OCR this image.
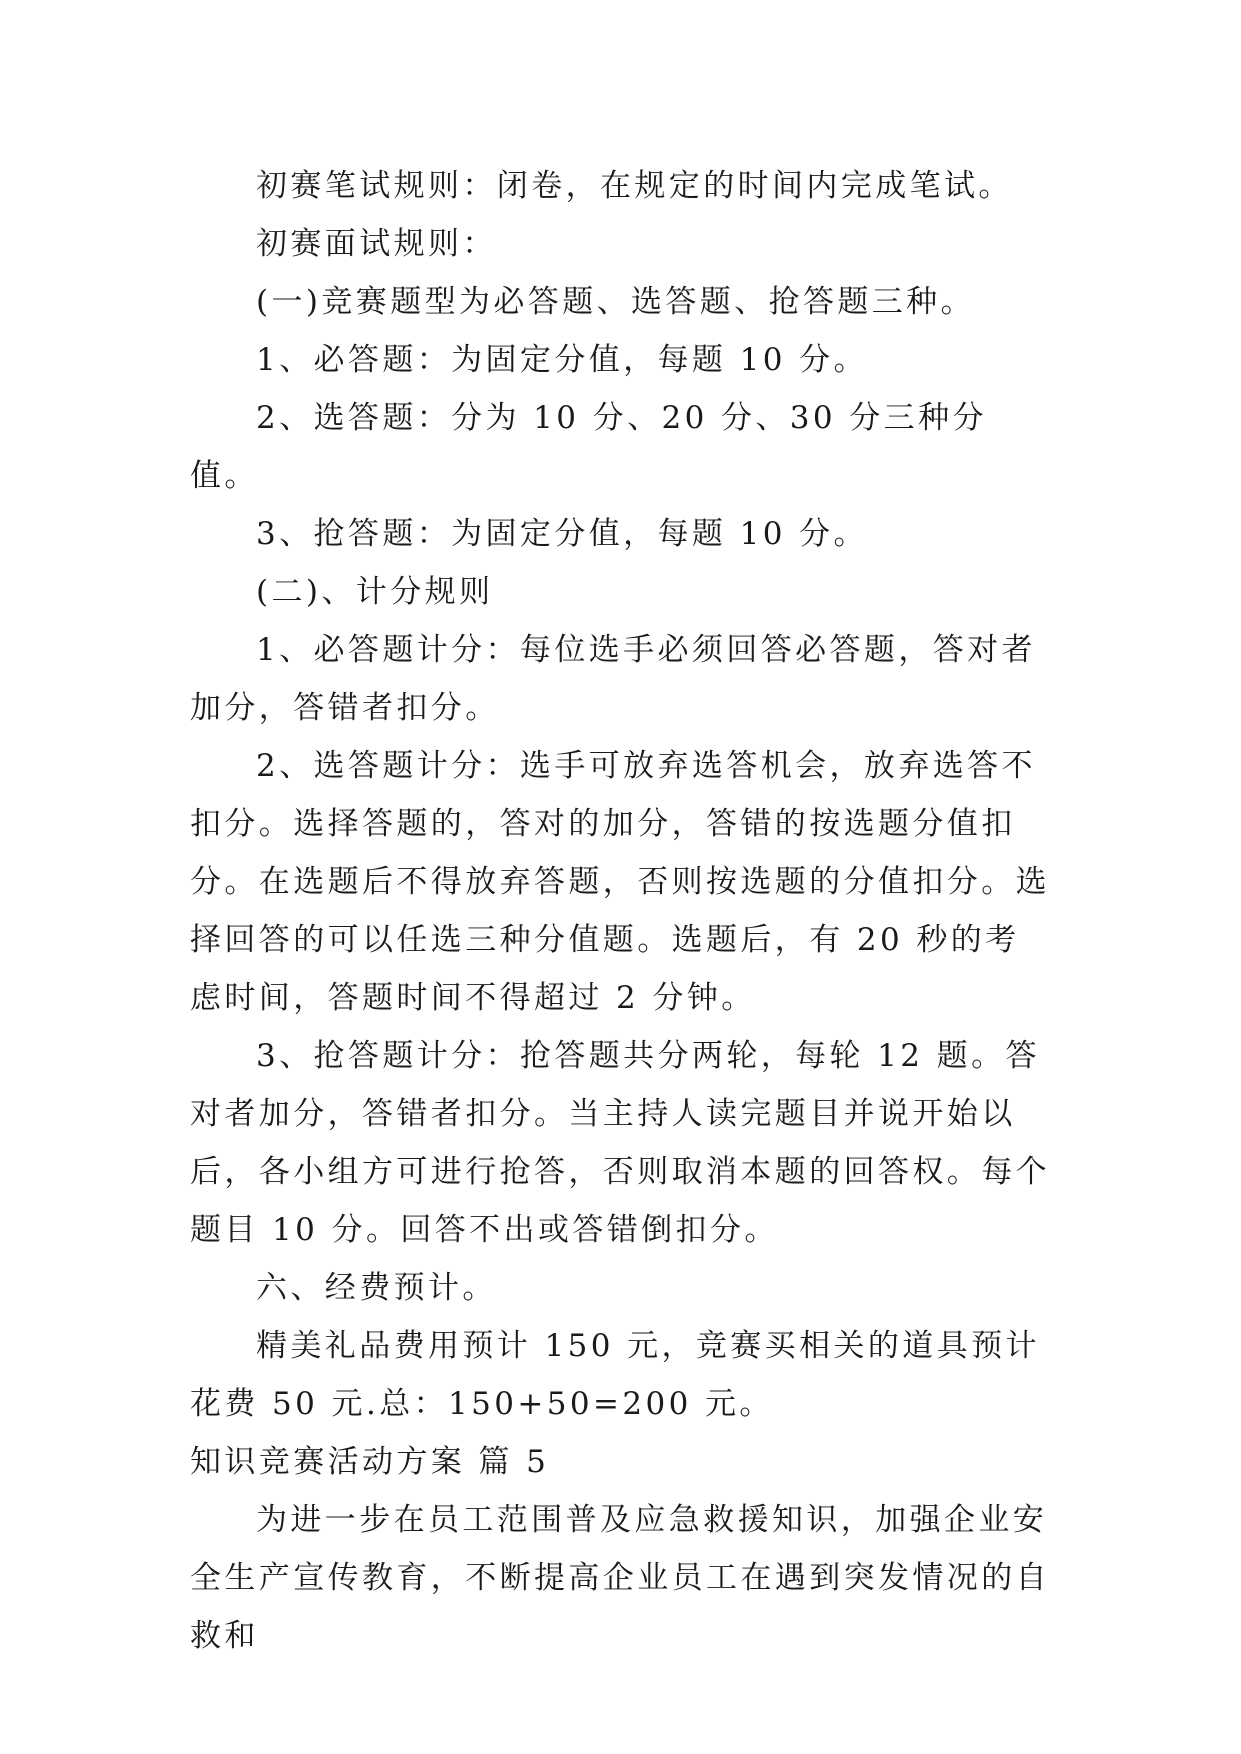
初赛笔试规则：闭卷，在规定的时间内完成笔试。

初赛面试规则：

(一)竞赛题型为必答题、选答题、抢答题三种。

1、必答题：为固定分值，每题 10 分。

2、选答题：分为 10 分、20 分、30 分三种分值。

3、抢答题：为固定分值，每题 10 分。

(二)、计分规则

1、必答题计分：每位选手必须回答必答题，答对者加分，答错者扣分。

2、选答题计分：选手可放弃选答机会，放弃选答不扣分。选择答题的，答对的加分，答错的按选题分值扣分。在选题后不得放弃答题，否则按选题的分值扣分。选择回答的可以任选三种分值题。选题后，有 20 秒的考虑时间，答题时间不得超过 2 分钟。

3、抢答题计分：抢答题共分两轮，每轮 12 题。答对者加分，答错者扣分。当主持人读完题目并说开始以后，各小组方可进行抢答，否则取消本题的回答权。每个题目 10 分。回答不出或答错倒扣分。

六、经费预计。

精美礼品费用预计 150 元，竞赛买相关的道具预计花费 50 元.总：150+50=200 元。

知识竞赛活动方案 篇 5

为进一步在员工范围普及应急救援知识，加强企业安全生产宣传教育，不断提高企业员工在遇到突发情况的自救和
